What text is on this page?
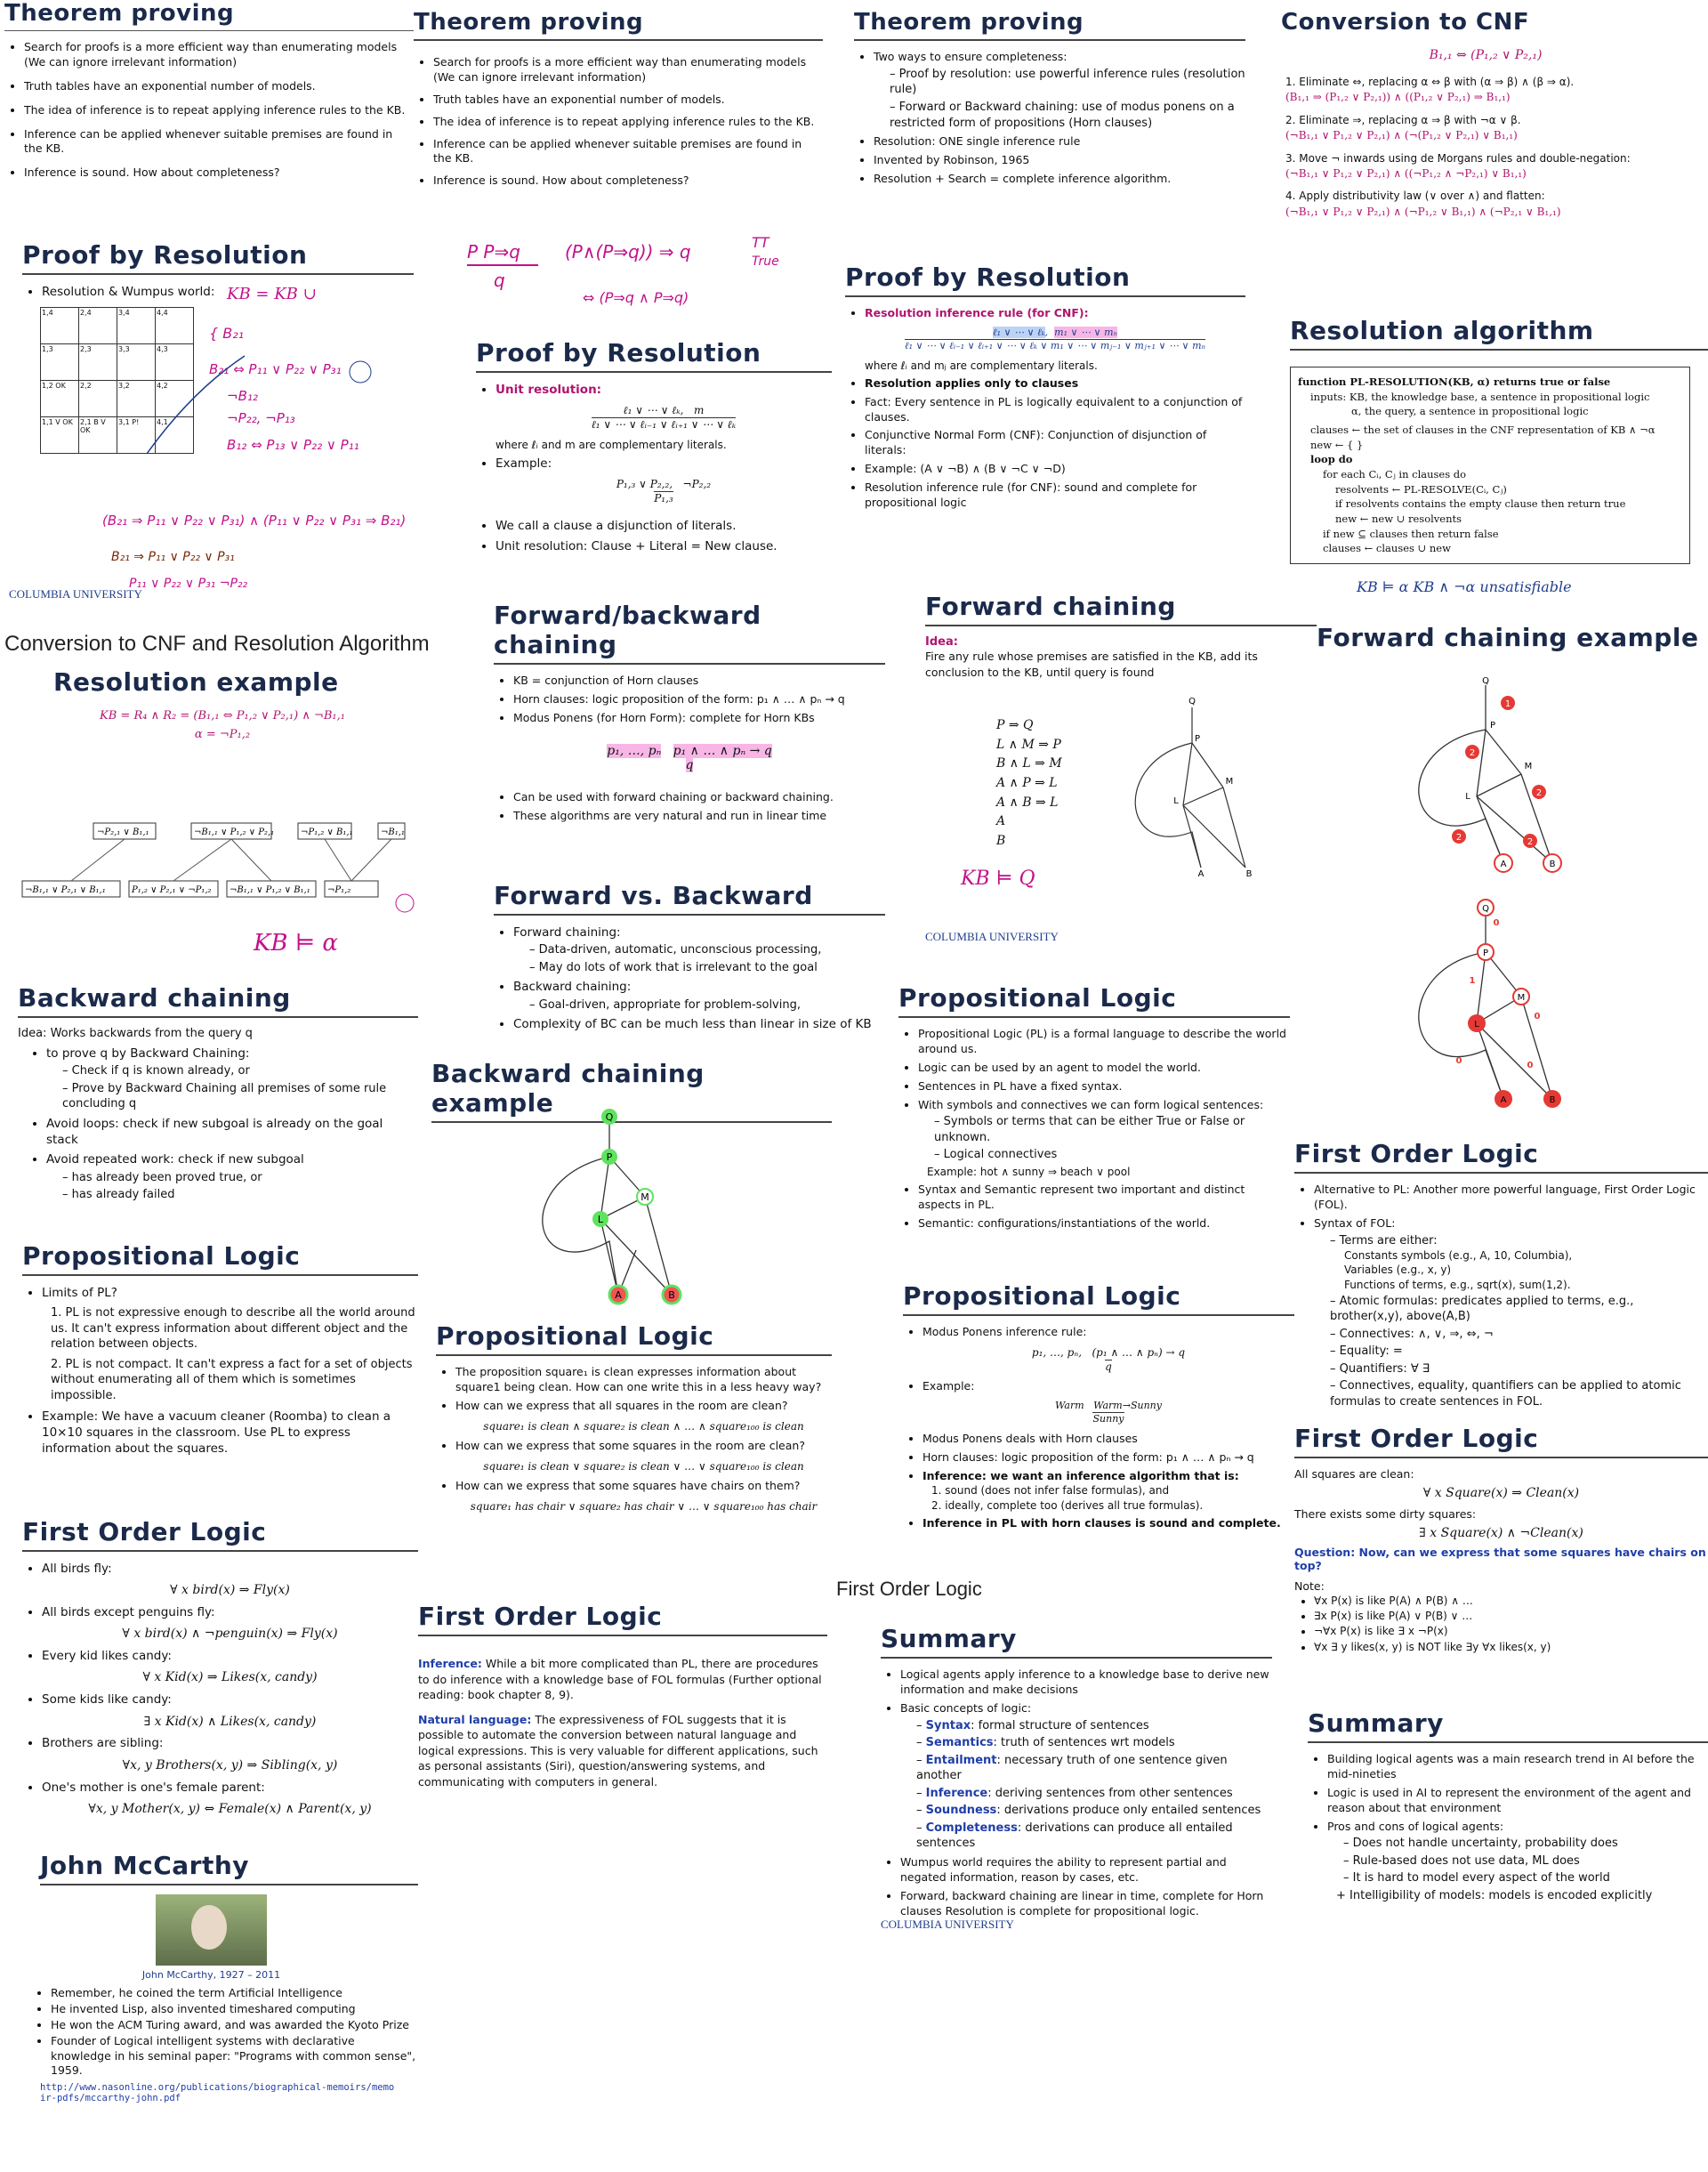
Theorem proving
• Search for proofs is a more efficient way than enumerating models (We can ignore irrelevant information)
• Truth tables have an exponential number of models.
• The idea of inference is to repeat applying inference rules to the KB.
• Inference can be applied whenever suitable premises are found in the KB.
• Inference is sound. How about completeness?
Proof by Resolution
• Resolution & Wumpus world:
1,4	2,4	3,4	4,4
1,3	2,3	3,3	4,3
1,2 OK	2,2	3,2	4,2
1,1 V OK	2,1 B V OK	3,1 P!	4,1
KB = KB ∪
{ B₂₁
B₂₁ ⇔ P₁₁ ∨ P₂₂ ∨ P₃₁
¬B₁₂
¬P₂₂, ¬P₁₃
B₁₂ ⇔ P₁₃ ∨ P₂₂ ∨ P₁₁
(B₂₁ ⇒ P₁₁ ∨ P₂₂ ∨ P₃₁) ∧ (P₁₁ ∨ P₂₂ ∨ P₃₁ ⇒ B₂₁)
B₂₁ ⇒ P₁₁ ∨ P₂₂ ∨ P₃₁
P₁₁ ∨ P₂₂ ∨ P₃₁ ¬P₂₂
COLUMBIA UNIVERSITY
Conversion to CNF and Resolution Algorithm
Resolution example
KB = R₄ ∧ R₂ = (B₁,₁ ⇔ P₁,₂ ∨ P₂,₁) ∧ ¬B₁,₁
α = ¬P₁,₂
¬P₂,₁ ∨ B₁,₁	¬B₁,₁ ∨ P₁,₂ ∨ P₂,₁	¬P₁,₂ ∨ B₁,₁	¬B₁,₁
¬B₁,₁ ∨ P₂,₁ ∨ B₁,₁	P₁,₂ ∨ P₂,₁ ∨ ¬P₁,₂ ¬B₁,₁ ∨ P₁,₂ ∨ B₁,₁ ¬P₁,₂
KB ⊨ α
Backward chaining
Idea: Works backwards from the query q
• to prove q by Backward Chaining:
– Check if q is known already, or
– Prove by Backward Chaining all premises of some rule concluding q
• Avoid loops: check if new subgoal is already on the goal stack
• Avoid repeated work: check if new subgoal
– has already been proved true, or
– has already failed
Propositional Logic
• Limits of PL?
1. PL is not expressive enough to describe all the world around us. It can't express information about different object and the relation between objects.
2. PL is not compact. It can't express a fact for a set of objects without enumerating all of them which is sometimes impossible.
• Example: We have a vacuum cleaner (Roomba) to clean a 10×10 squares in the classroom. Use PL to express information about the squares.
First Order Logic
• All birds fly:
∀ x bird(x) ⇒ Fly(x)
• All birds except penguins fly:
∀ x bird(x) ∧ ¬penguin(x) ⇒ Fly(x)
• Every kid likes candy:
∀ x Kid(x) ⇒ Likes(x, candy)
• Some kids like candy:
∃ x Kid(x) ∧ Likes(x, candy)
• Brothers are sibling:
∀x, y Brothers(x, y) ⇒ Sibling(x, y)
• One's mother is one's female parent:
∀x, y Mother(x, y) ⇔ Female(x) ∧ Parent(x, y)
John McCarthy
John McCarthy, 1927 – 2011
• Remember, he coined the term Artificial Intelligence
• He invented Lisp, also invented timeshared computing
• He won the ACM Turing award, and was awarded the Kyoto Prize
• Founder of Logical intelligent systems with declarative knowledge in his seminal paper: "Programs with common sense", 1959.
http://www.nasonline.org/publications/biographical-memoirs/memoir-pdfs/mccarthy-john.pdf
Theorem proving
• Search for proofs is a more efficient way than enumerating models (We can ignore irrelevant information)
• Truth tables have an exponential number of models.
• The idea of inference is to repeat applying inference rules to the KB.
• Inference can be applied whenever suitable premises are found in the KB.
• Inference is sound. How about completeness?
P P⇒q
q
(P∧(P⇒q)) ⇒ q	TT
True
⇔ (P⇒q ∧ P⇒q)
Proof by Resolution
• Unit resolution:
ℓ₁ ∨ ⋯ ∨ ℓₖ,   m
ℓ₁ ∨ ⋯ ∨ ℓᵢ₋₁ ∨ ℓᵢ₊₁ ∨ ⋯ ∨ ℓₖ
where ℓᵢ and m are complementary literals.
• Example:
P₁,₃ ∨ P₂,₂,   ¬P₂,₂
P₁,₃
• We call a clause a disjunction of literals.
• Unit resolution: Clause + Literal = New clause.
Forward/backward chaining
• KB = conjunction of Horn clauses
• Horn clauses: logic proposition of the form: p₁ ∧ … ∧ pₙ → q
• Modus Ponens (for Horn Form): complete for Horn KBs
p₁, …, pₙ p₁ ∧ … ∧ pₙ → q
q
• Can be used with forward chaining or backward chaining.
• These algorithms are very natural and run in linear time
Forward vs. Backward
• Forward chaining:
– Data-driven, automatic, unconscious processing,
– May do lots of work that is irrelevant to the goal
• Backward chaining:
– Goal-driven, appropriate for problem-solving,
• Complexity of BC can be much less than linear in size of KB
Backward chaining example	Q
P
M
L
A	B
Propositional Logic
• The proposition square₁ is clean expresses information about square1 being clean. How can one write this in a less heavy way?
• How can we express that all squares in the room are clean?
square₁ is clean ∧ square₂ is clean ∧ … ∧ square₁₀₀ is clean
• How can we express that some squares in the room are clean?
square₁ is clean ∨ square₂ is clean ∨ … ∨ square₁₀₀ is clean
• How can we express that some squares have chairs on them?
square₁ has chair ∨ square₂ has chair ∨ … ∨ square₁₀₀ has chair
First Order Logic

Inference: While a bit more complicated than PL, there are procedures to do inference with a knowledge base of FOL formulas (Further optional reading: book chapter 8, 9).

Natural language: The expressiveness of FOL suggests that it is possible to automate the conversion between natural language and logical expressions. This is very valuable for different applications, such as personal assistants (Siri), question/answering systems, and communicating with computers in general.

Theorem proving
• Two ways to ensure completeness:
– Proof by resolution: use powerful inference rules (resolution rule)
– Forward or Backward chaining: use of modus ponens on a restricted form of propositions (Horn clauses)
• Resolution: ONE single inference rule
• Invented by Robinson, 1965
• Resolution + Search = complete inference algorithm.
Proof by Resolution
• Resolution inference rule (for CNF):
ℓ₁ ∨ ⋯ ∨ ℓₖ,  m₁ ∨ ⋯ ∨ mₙ
ℓ₁ ∨ ⋯ ∨ ℓᵢ₋₁ ∨ ℓᵢ₊₁ ∨ ⋯ ∨ ℓₖ ∨ m₁ ∨ ⋯ ∨ mⱼ₋₁ ∨ mⱼ₊₁ ∨ ⋯ ∨ mₙ
where ℓᵢ and mⱼ are complementary literals.
• Resolution applies only to clauses
• Fact: Every sentence in PL is logically equivalent to a conjunction of clauses.
• Conjunctive Normal Form (CNF): Conjunction of disjunction of literals:
• Example: (A ∨ ¬B) ∧ (B ∨ ¬C ∨ ¬D)
• Resolution inference rule (for CNF): sound and complete for propositional logic
Forward chaining
Idea:
Fire any rule whose premises are satisfied in the KB, add its conclusion to the KB, until query is found
P ⇒ Q
L ∧ M ⇒ P
B ∧ L ⇒ M
A ∧ P ⇒ L
A ∧ B ⇒ L
A
B
Q
P
M
L
A	B
KB ⊨ Q
COLUMBIA UNIVERSITY
Propositional Logic
• Propositional Logic (PL) is a formal language to describe the world around us.
• Logic can be used by an agent to model the world.
• Sentences in PL have a fixed syntax.
• With symbols and connectives we can form logical sentences:
– Symbols or terms that can be either True or False or unknown.
– Logical connectives
Example: hot ∧ sunny ⇒ beach ∨ pool
• Syntax and Semantic represent two important and distinct aspects in PL.
• Semantic: configurations/instantiations of the world.
Propositional Logic
• Modus Ponens inference rule:
p₁, …, pₙ,   (p₁ ∧ … ∧ pₙ) → q
q
• Example:
Warm   Warm→Sunny
Sunny
• Modus Ponens deals with Horn clauses
• Horn clauses: logic proposition of the form: p₁ ∧ … ∧ pₙ → q
• Inference: we want an inference algorithm that is:
1. sound (does not infer false formulas), and
2. ideally, complete too (derives all true formulas).
• Inference in PL with horn clauses is sound and complete.
First Order Logic
Summary
• Logical agents apply inference to a knowledge base to derive new information and make decisions
• Basic concepts of logic:
– Syntax: formal structure of sentences
– Semantics: truth of sentences wrt models
– Entailment: necessary truth of one sentence given another
– Inference: deriving sentences from other sentences
– Soundness: derivations produce only entailed sentences
– Completeness: derivations can produce all entailed sentences
• Wumpus world requires the ability to represent partial and negated information, reason by cases, etc.
• Forward, backward chaining are linear in time, complete for Horn clauses Resolution is complete for propositional logic.
COLUMBIA UNIVERSITY
Conversion to CNF
B₁,₁ ⇔ (P₁,₂ ∨ P₂,₁)
1. Eliminate ⇔, replacing α ⇔ β with (α ⇒ β) ∧ (β ⇒ α).
(B₁,₁ ⇒ (P₁,₂ ∨ P₂,₁)) ∧ ((P₁,₂ ∨ P₂,₁) ⇒ B₁,₁)
2. Eliminate ⇒, replacing α ⇒ β with ¬α ∨ β.
(¬B₁,₁ ∨ P₁,₂ ∨ P₂,₁) ∧ (¬(P₁,₂ ∨ P₂,₁) ∨ B₁,₁)
3. Move ¬ inwards using de Morgans rules and double-negation:
(¬B₁,₁ ∨ P₁,₂ ∨ P₂,₁) ∧ ((¬P₁,₂ ∧ ¬P₂,₁) ∨ B₁,₁)
4. Apply distributivity law (∨ over ∧) and flatten:
(¬B₁,₁ ∨ P₁,₂ ∨ P₂,₁) ∧ (¬P₁,₂ ∨ B₁,₁) ∧ (¬P₂,₁ ∨ B₁,₁)
Resolution algorithm
function PL-RESOLUTION(KB, α) returns true or false
inputs: KB, the knowledge base, a sentence in propositional logic
α, the query, a sentence in propositional logic
clauses ← the set of clauses in the CNF representation of KB ∧ ¬α
new ← { }
loop do
for each Cᵢ, Cⱼ in clauses do
resolvents ← PL-RESOLVE(Cᵢ, Cⱼ)
if resolvents contains the empty clause then return true
new ← new ∪ resolvents
if new ⊆ clauses then return false
clauses ← clauses ∪ new
KB ⊨ α KB ∧ ¬α unsatisfiable
Forward chaining example
Q
P
M
L
A	B
1
2
2
2	2
Q
P
M
L
A	B
0
1
0
0	0
First Order Logic
• Alternative to PL: Another more powerful language, First Order Logic (FOL).
• Syntax of FOL:
– Terms are either:
Constants symbols (e.g., A, 10, Columbia),
Variables (e.g., x, y)
Functions of terms, e.g., sqrt(x), sum(1,2).
– Atomic formulas: predicates applied to terms, e.g., brother(x,y), above(A,B)
– Connectives: ∧, ∨, ⇒, ⇔, ¬
– Equality: =
– Quantifiers: ∀ ∃
– Connectives, equality, quantifiers can be applied to atomic formulas to create sentences in FOL.
First Order Logic
All squares are clean:
∀ x Square(x) ⇒ Clean(x)
There exists some dirty squares:
∃ x Square(x) ∧ ¬Clean(x)
Question: Now, can we express that some squares have chairs on top?
Note:
• ∀x P(x) is like P(A) ∧ P(B) ∧ …
• ∃x P(x) is like P(A) ∨ P(B) ∨ …
• ¬∀x P(x) is like ∃ x ¬P(x)
• ∀x ∃ y likes(x, y) is NOT like ∃y ∀x likes(x, y)
Summary
• Building logical agents was a main research trend in AI before the mid-nineties
• Logic is used in AI to represent the environment of the agent and reason about that environment
• Pros and cons of logical agents:
– Does not handle uncertainty, probability does
– Rule-based does not use data, ML does
– It is hard to model every aspect of the world
+ Intelligibility of models: models is encoded explicitly
